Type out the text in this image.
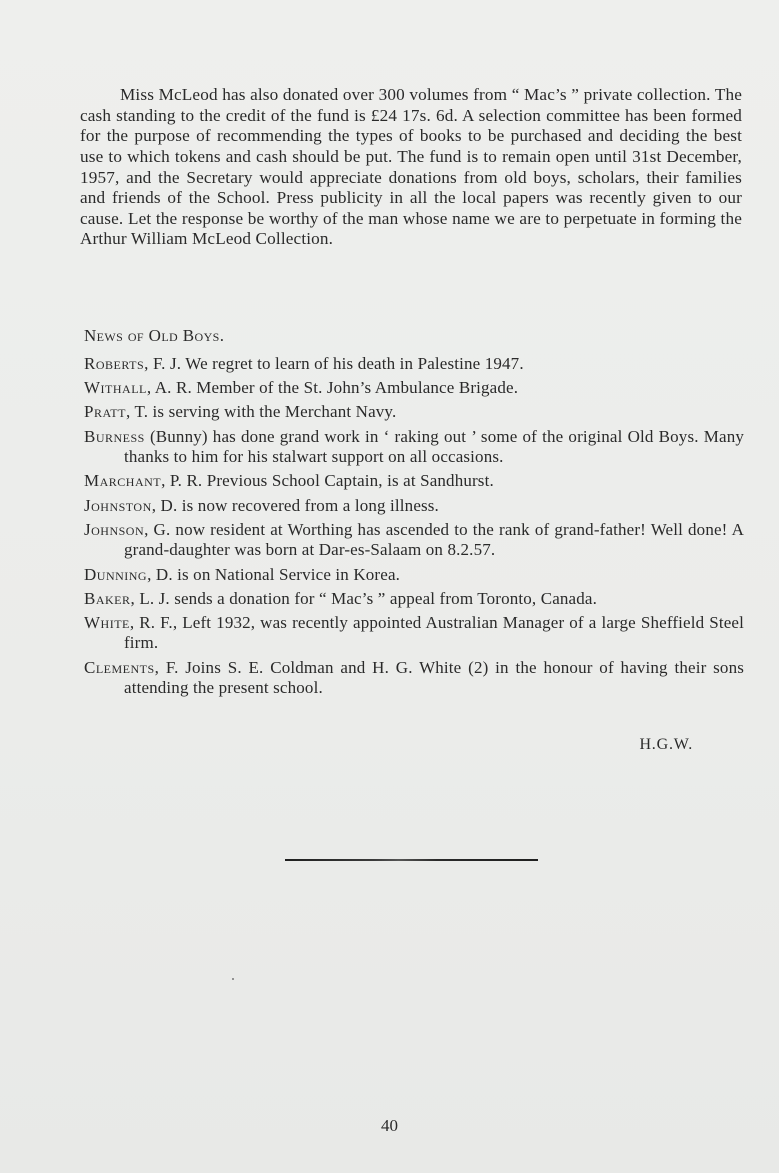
Miss McLeod has also donated over 300 volumes from “ Mac’s ” private collection. The cash standing to the credit of the fund is £24 17s. 6d. A selection committee has been formed for the purpose of recommending the types of books to be purchased and deciding the best use to which tokens and cash should be put. The fund is to remain open until 31st December, 1957, and the Secretary would appreciate donations from old boys, scholars, their families and friends of the School. Press publicity in all the local papers was recently given to our cause. Let the response be worthy of the man whose name we are to perpetuate in forming the Arthur William McLeod Collection.

News of Old Boys.
Roberts, F. J. We regret to learn of his death in Palestine 1947.
Withall, A. R. Member of the St. John’s Ambulance Brigade.
Pratt, T. is serving with the Merchant Navy.
Burness (Bunny) has done grand work in ‘ raking out ’ some of the original Old Boys. Many thanks to him for his stalwart support on all occasions.
Marchant, P. R. Previous School Captain, is at Sandhurst.
Johnston, D. is now recovered from a long illness.
Johnson, G. now resident at Worthing has ascended to the rank of grand-father! Well done! A grand-daughter was born at Dar-es-Salaam on 8.2.57.
Dunning, D. is on National Service in Korea.
Baker, L. J. sends a donation for “ Mac’s ” appeal from Toronto, Canada.
White, R. F., Left 1932, was recently appointed Australian Manager of a large Sheffield Steel firm.
Clements, F. Joins S. E. Coldman and H. G. White (2) in the honour of having their sons attending the present school.
H.G.W.
40
